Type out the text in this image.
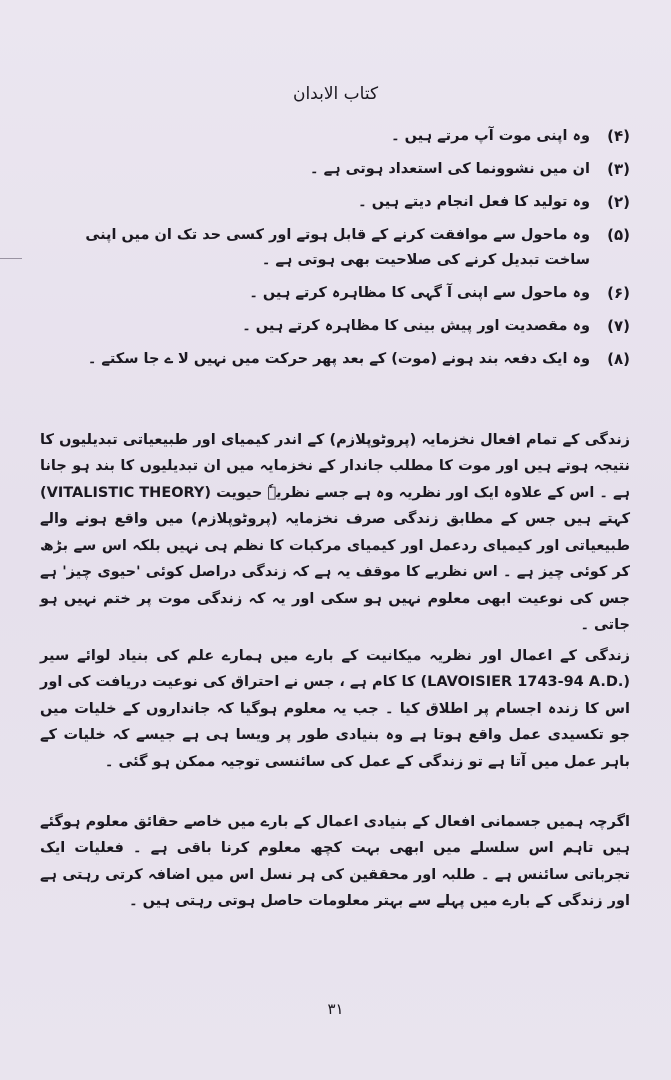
کتاب الابدان
(۴)
وہ اپنی موت آپ مرتے ہیں ۔
(۳)
ان میں نشوونما کی استعداد ہوتی ہے ۔
(۲)
وہ تولید کا فعل انجام دیتے ہیں ۔
(۵)
وہ ماحول سے موافقت کرنے کے قابل ہوتے اور کسی حد تک ان میں اپنی ساخت تبدیل کرنے کی صلاحیت بھی ہوتی ہے ۔
(۶)
وہ ماحول سے اپنی آ گہی کا مظاہرہ کرتے ہیں ۔
(۷)
وہ مقصدیت اور پیش بینی کا مظاہرہ کرتے ہیں ۔
(۸)
وہ ایک دفعہ بند ہونے (موت) کے بعد پھر حرکت میں نہیں لا ے جا سکتے ۔

زندگی کے تمام افعال نخزمایہ (پروٹوپلازم) کے اندر کیمیای اور طبیعیاتی تبدیلیوں کا نتیجہ ہوتے ہیں اور موت کا مطلب جاندار کے نخزمایہ میں ان تبدیلیوں کا بند ہو جانا ہے ۔ اس کے علاوہ ایک اور نظریہ وہ ہے جسے نظریہٗ حیویت (VITALISTIC THEORY) کہتے ہیں جس کے مطابق زندگی صرف نخزمایہ (پروٹوپلازم) میں واقع ہونے والے طبیعیاتی اور کیمیای ردعمل اور کیمیای مرکبات کا نظم ہی نہیں بلکہ اس سے بڑھ کر کوئی چیز ہے ۔ اس نظریے کا موقف یہ ہے کہ زندگی دراصل کوئی 'حیوی چیز' ہے جس کی نوعیت ابھی معلوم نہیں ہو سکی اور یہ کہ زندگی موت پر ختم نہیں ہو جاتی ۔

زندگی کے اعمال اور نظریہ میکانیت کے بارے میں ہمارے علم کی بنیاد لوائے سیر (LAVOISIER 1743-94 A.D.) کا کام ہے ، جس نے احتراق کی نوعیت دریافت کی اور اس کا زندہ اجسام پر اطلاق کیا ۔ جب یہ معلوم ہوگیا کہ جانداروں کے خلیات میں جو تکسیدی عمل واقع ہوتا ہے وہ بنیادی طور پر ویسا ہی ہے جیسے کہ خلیات کے باہر عمل میں آتا ہے تو زندگی کے عمل کی سائنسی توجیہ ممکن ہو گئی ۔

اگرچہ ہمیں جسمانی افعال کے بنیادی اعمال کے بارے میں خاصے حقائق معلوم ہوگئے ہیں تاہم اس سلسلے میں ابھی بہت کچھ معلوم کرنا باقی ہے ۔ فعلیات ایک تجرباتی سائنس ہے ۔ طلبہ اور محققین کی ہر نسل اس میں اضافہ کرتی رہتی ہے اور زندگی کے بارے میں پہلے سے بہتر معلومات حاصل ہوتی رہتی ہیں ۔

۳۱
